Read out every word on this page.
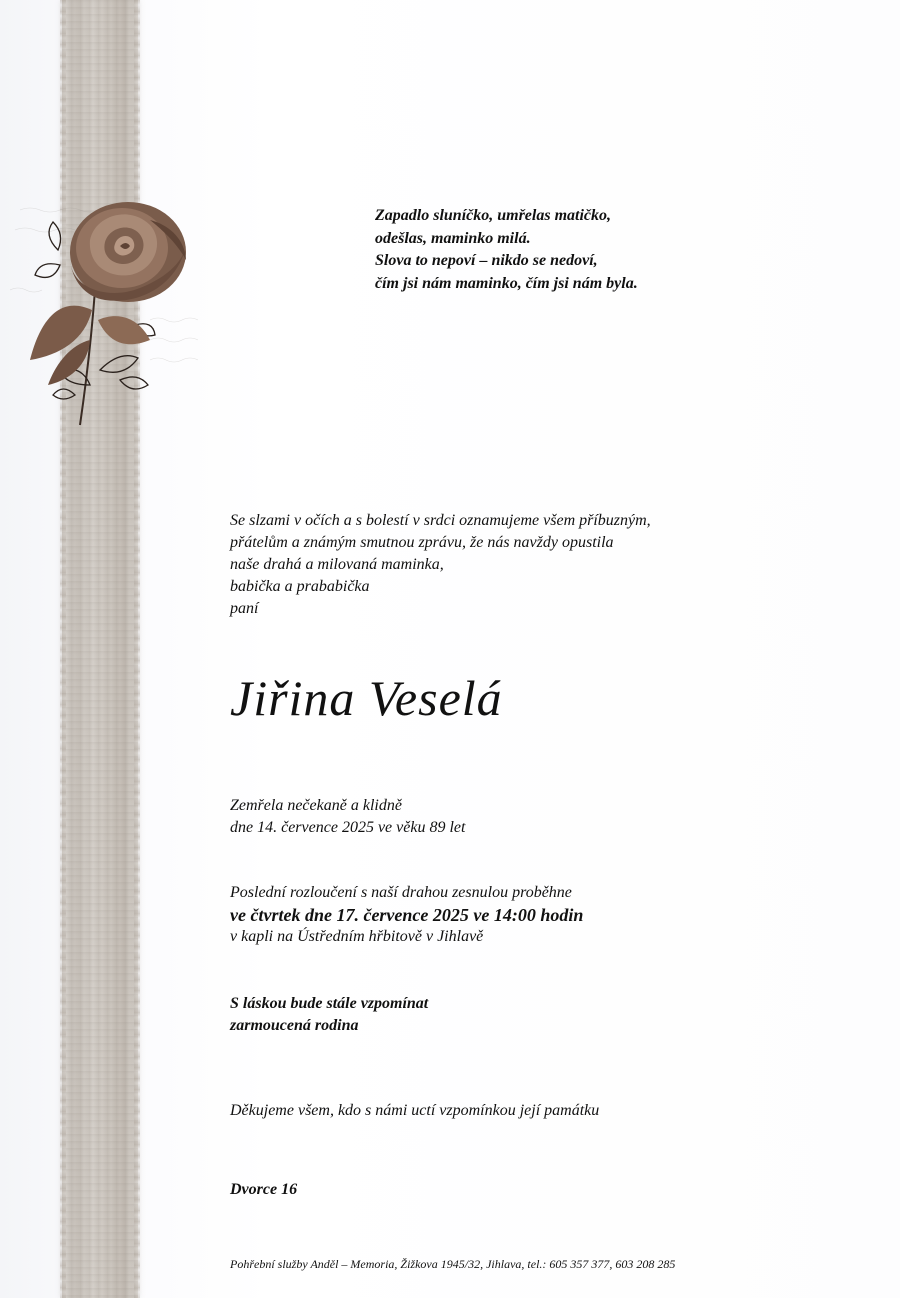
Zapadlo sluníčko, umřelas matičko,
odešlas, maminko milá.
Slova to nepoví – nikdo se nedoví,
čím jsi nám maminko, čím jsi nám byla.
Se slzami v očích a s bolestí v srdci oznamujeme všem příbuzným,
přátelům a známým smutnou zprávu, že nás navždy opustila
naše drahá a milovaná maminka,
babička a prababička
paní
Jiřina Veselá
Zemřela nečekaně a klidně
dne 14. července 2025 ve věku 89 let
Poslední rozloučení s naší drahou zesnulou proběhne
ve čtvrtek dne 17. července 2025 ve 14:00 hodin
v kapli na Ústředním hřbitově v Jihlavě
S láskou bude stále vzpomínat
zarmoucená rodina
Děkujeme všem, kdo s námi uctí vzpomínkou její památku
Dvorce 16
Pohřební služby Anděl – Memoria, Žižkova 1945/32, Jihlava, tel.: 605 357 377, 603 208 285
